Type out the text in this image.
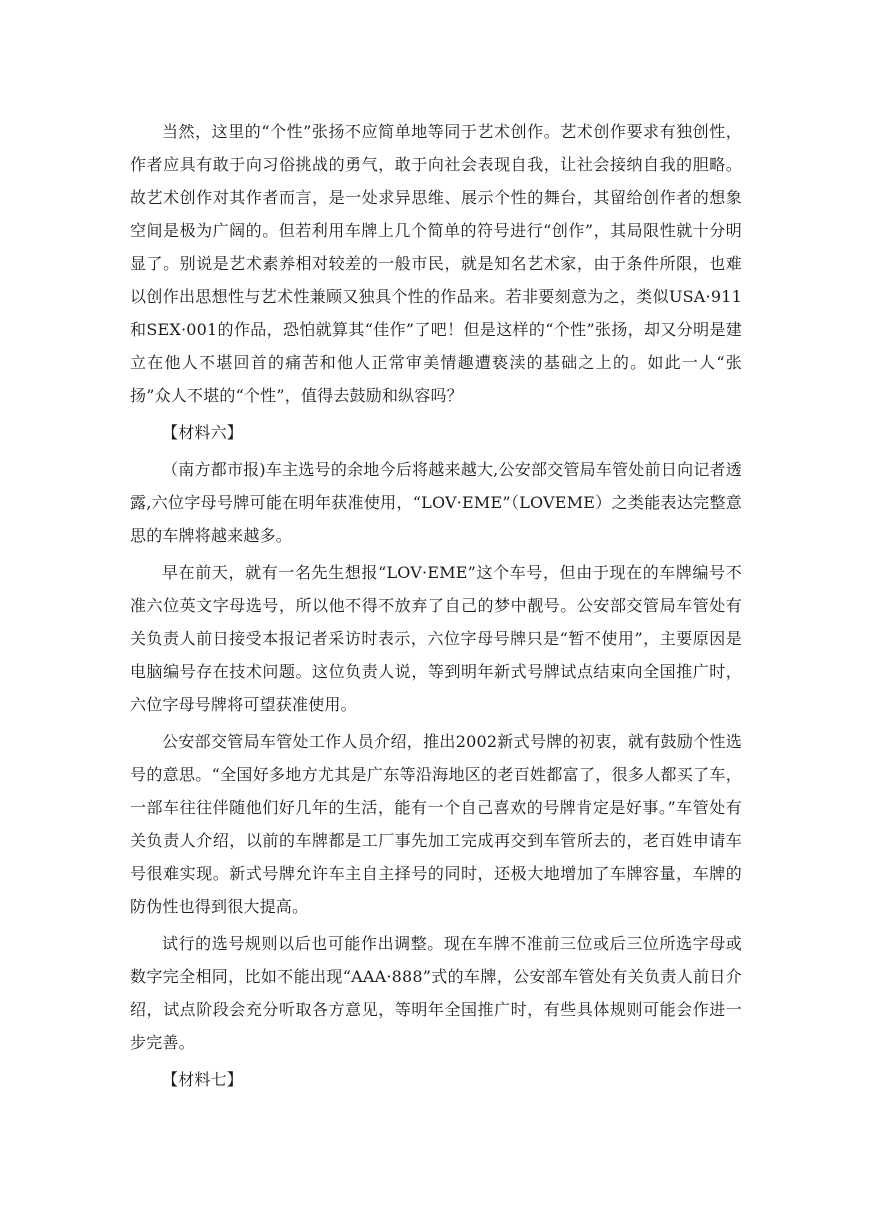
当然，这里的“个性”张扬不应简单地等同于艺术创作。艺术创作要求有独创性，作者应具有敢于向习俗挑战的勇气，敢于向社会表现自我，让社会接纳自我的胆略。故艺术创作对其作者而言，是一处求异思维、展示个性的舞台，其留给创作者的想象空间是极为广阔的。但若利用车牌上几个简单的符号进行“创作”，其局限性就十分明显了。别说是艺术素养相对较差的一般市民，就是知名艺术家，由于条件所限，也难以创作出思想性与艺术性兼顾又独具个性的作品来。若非要刻意为之，类似USA·911和SEX·001的作品，恐怕就算其“佳作”了吧！但是这样的“个性”张扬，却又分明是建立在他人不堪回首的痛苦和他人正常审美情趣遭亵渎的基础之上的。如此一人“张扬”众人不堪的“个性”，值得去鼓励和纵容吗？

【材料六】

（南方都市报)车主选号的余地今后将越来越大,公安部交管局车管处前日向记者透露,六位字母号牌可能在明年获准使用，“LOV·EME”（LOVEME）之类能表达完整意思的车牌将越来越多。

早在前天，就有一名先生想报“LOV·EME”这个车号，但由于现在的车牌编号不准六位英文字母选号，所以他不得不放弃了自己的梦中靓号。公安部交管局车管处有关负责人前日接受本报记者采访时表示，六位字母号牌只是“暂不使用”，主要原因是电脑编号存在技术问题。这位负责人说，等到明年新式号牌试点结束向全国推广时，六位字母号牌将可望获准使用。

公安部交管局车管处工作人员介绍，推出2002新式号牌的初衷，就有鼓励个性选号的意思。“全国好多地方尤其是广东等沿海地区的老百姓都富了，很多人都买了车，一部车往往伴随他们好几年的生活，能有一个自己喜欢的号牌肯定是好事。”车管处有关负责人介绍，以前的车牌都是工厂事先加工完成再交到车管所去的，老百姓申请车号很难实现。新式号牌允许车主自主择号的同时，还极大地增加了车牌容量，车牌的防伪性也得到很大提高。

试行的选号规则以后也可能作出调整。现在车牌不准前三位或后三位所选字母或数字完全相同，比如不能出现“AAA·888”式的车牌，公安部车管处有关负责人前日介绍，试点阶段会充分听取各方意见，等明年全国推广时，有些具体规则可能会作进一步完善。

【材料七】
